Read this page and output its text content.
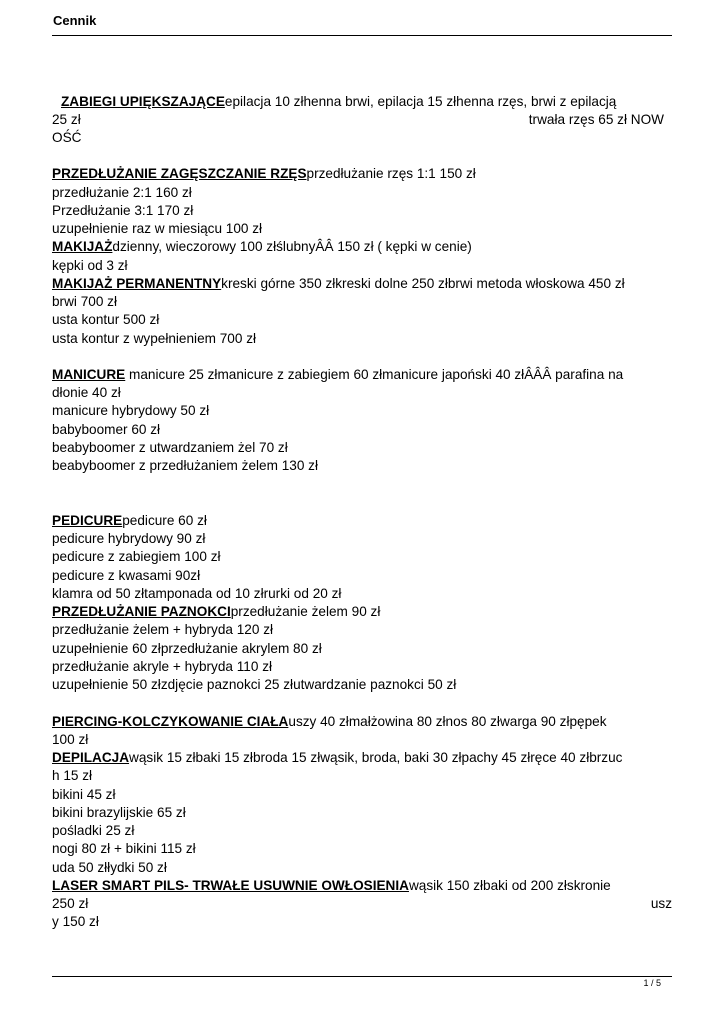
Cennik
ZABIEGI UPIĘKSZAJĄCEepilacja 10 złhenna brwi, epilacja 15 złhenna rzęs, brwi z epilacją
25 zł	trwała rzęs 65 zł NOW
OŚĆ
PRZEDŁUŻANIE ZAGĘSZCZANIE RZĘSprzedłużanie rzęs 1:1 150 zł
przedłużanie 2:1 160 zł
Przedłużanie 3:1 170 zł
uzupełnienie raz w miesiącu 100 zł
MAKIJAŻdzienny, wieczorowy 100 złślubnyÂÂ 150 zł ( kępki w cenie)
kępki od 3 zł
MAKIJAŻ PERMANENTNYkreski górne 350 złkreski dolne 250 złbrwi metoda włoskowa 450 zł
brwi 700 zł
usta kontur 500 zł
usta kontur z wypełnieniem 700 zł
MANICURE manicure 25 złmanicure z zabiegiem 60 złmanicure japoński 40 złÂÂÂ parafina na
dłonie 40 zł
manicure hybrydowy 50 zł
babyboomer 60 zł
beabyboomer z utwardzaniem żel 70 zł
beabyboomer z przedłużaniem żelem 130 zł
PEDICUREpedicure 60 zł
pedicure hybrydowy 90 zł
pedicure z zabiegiem 100 zł
pedicure z kwasami 90zł
klamra od 50 złtamponada od 10 złrurki od 20 zł
PRZEDŁUŻANIE PAZNOKCIprzedłużanie żelem 90 zł
przedłużanie żelem + hybryda 120 zł
uzupełnienie 60 złprzedłużanie akrylem 80 zł
przedłużanie akryle + hybryda 110 zł
uzupełnienie 50 złzdjęcie paznokci 25 złutwardzanie paznokci 50 zł
PIERCING-KOLCZYKOWANIE CIAŁAuszy 40 złmałżowina 80 złnos 80 złwarga 90 złpępek
100 zł
DEPILACJAwąsik 15 złbaki 15 złbroda 15 złwąsik, broda, baki 30 złpachy 45 złręce 40 złbrzuc
h 15 zł
bikini 45 zł
bikini brazylijskie 65 zł
pośladki 25 zł
nogi 80 zł + bikini 115 zł
uda 50 złłydki 50 zł
LASER SMART PILS- TRWAŁE USUWNIE OWŁOSIENIAwąsik 150 złbaki od 200 złskronie
250 zł	usz
y 150 zł
1 / 5
